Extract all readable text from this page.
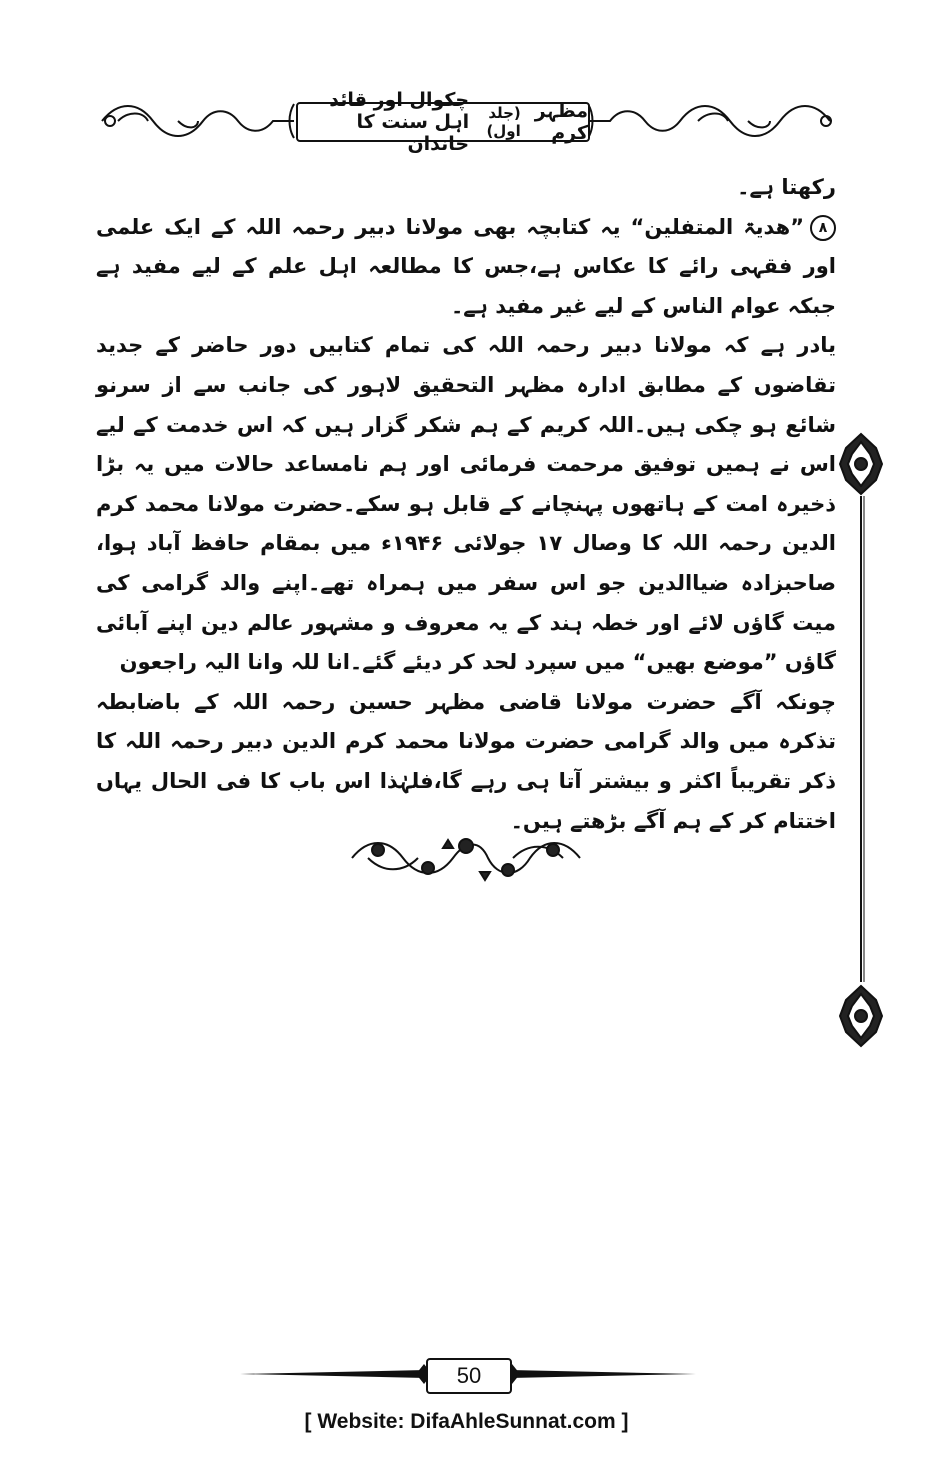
مظہر کرم
(جلد اول)
چکوال اور قائد اہل سنت کا خاندان

رکھتا ہے۔

۸”ھدیۃ المتفلین“ یہ کتابچہ بھی مولانا دبیر رحمہ اللہ کے ایک علمی اور فقہی رائے کا عکاس ہے،جس کا مطالعہ اہل علم کے لیے مفید ہے جبکہ عوام الناس کے لیے غیر مفید ہے۔

یادر ہے کہ مولانا دبیر رحمہ اللہ کی تمام کتابیں دور حاضر کے جدید تقاضوں کے مطابق ادارہ مظہر التحقیق لاہور کی جانب سے از سرنو شائع ہو چکی ہیں۔اللہ کریم کے ہم شکر گزار ہیں کہ اس خدمت کے لیے اس نے ہمیں توفیق مرحمت فرمائی اور ہم نامساعد حالات میں یہ بڑا ذخیرہ امت کے ہاتھوں پہنچانے کے قابل ہو سکے۔حضرت مولانا محمد کرم الدین رحمہ اللہ کا وصال ۱۷ جولائی ۱۹۴۶ء میں بمقام حافظ آباد ہوا، صاحبزادہ ضیاالدین جو اس سفر میں ہمراہ تھے۔اپنے والد گرامی کی میت گاؤں لائے اور خطہ ہند کے یہ معروف و مشہور عالم دین اپنے آبائی گاؤں ”موضع بھیں“ میں سپرد لحد کر دیئے گئے۔انا للہ وانا الیہ راجعون

چونکہ آگے حضرت مولانا قاضی مظہر حسین رحمہ اللہ کے باضابطہ تذکرہ میں والد گرامی حضرت مولانا محمد کرم الدین دبیر رحمہ اللہ کا ذکر تقریباً اکثر و بیشتر آتا ہی رہے گا،فلہٰذا اس باب کا فی الحال یہاں اختتام کر کے ہم آگے بڑھتے ہیں۔

50
[ Website: DifaAhleSunnat.com ]
